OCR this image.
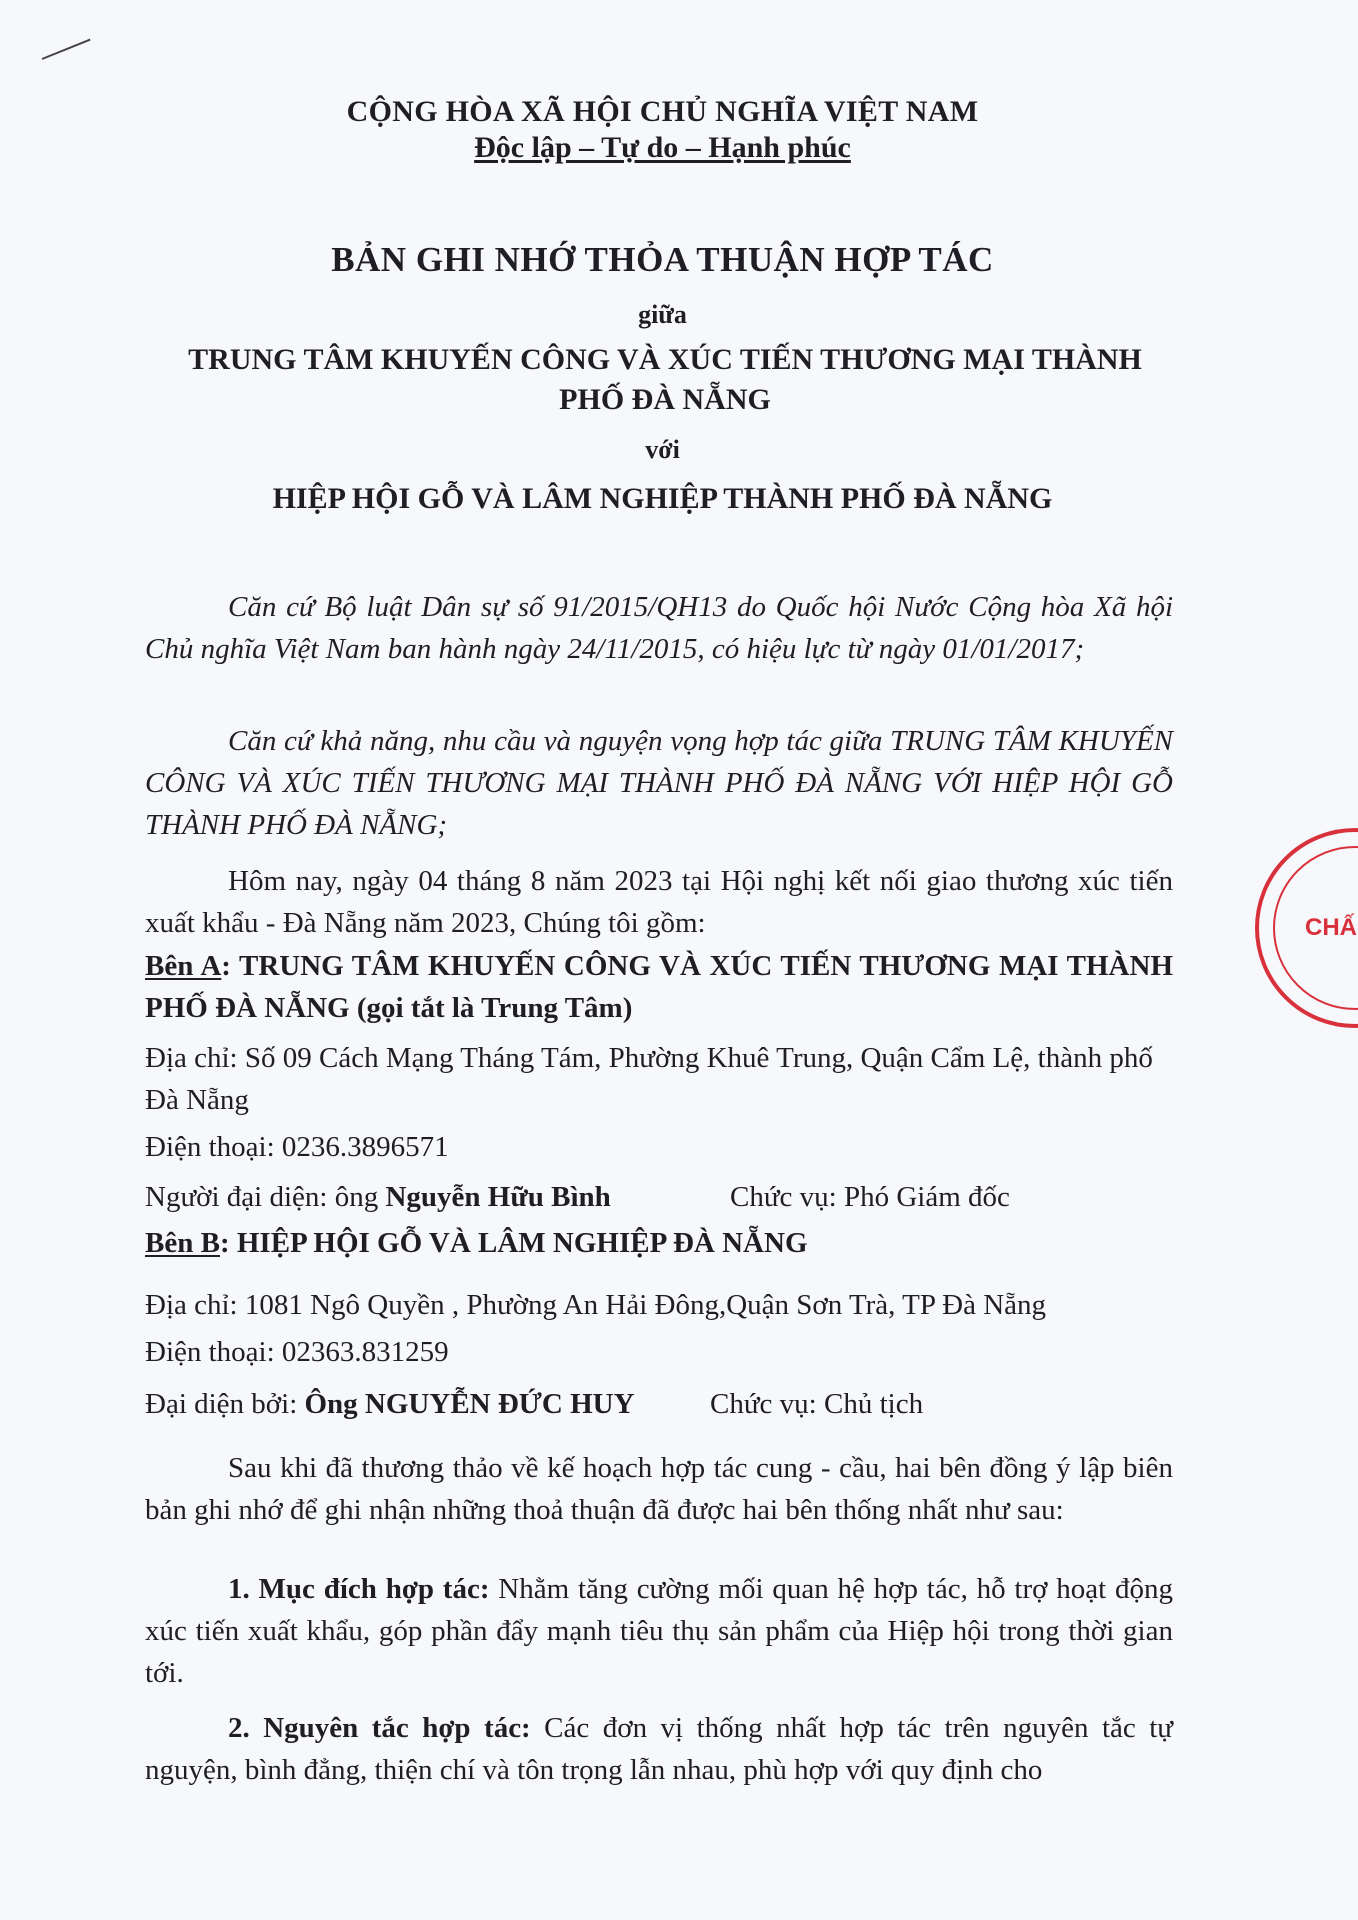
CỘNG HÒA XÃ HỘI CHỦ NGHĨA VIỆT NAM
Độc lập – Tự do – Hạnh phúc
BẢN GHI NHỚ THỎA THUẬN HỢP TÁC
giữa
TRUNG TÂM KHUYẾN CÔNG VÀ XÚC TIẾN THƯƠNG MẠI THÀNH
PHỐ ĐÀ NẴNG
với
HIỆP HỘI GỖ VÀ LÂM NGHIỆP THÀNH PHỐ ĐÀ NẴNG
Căn cứ Bộ luật Dân sự số 91/2015/QH13 do Quốc hội Nước Cộng hòa Xã hội Chủ nghĩa Việt Nam ban hành ngày 24/11/2015, có hiệu lực từ ngày 01/01/2017;
Căn cứ khả năng, nhu cầu và nguyện vọng hợp tác giữa TRUNG TÂM KHUYẾN CÔNG VÀ XÚC TIẾN THƯƠNG MẠI THÀNH PHỐ ĐÀ NẴNG VỚI HIỆP HỘI GỖ THÀNH PHỐ ĐÀ NẴNG;
Hôm nay, ngày 04 tháng 8 năm 2023 tại Hội nghị kết nối giao thương xúc tiến xuất khẩu - Đà Nẵng năm 2023, Chúng tôi gồm:
Bên A: TRUNG TÂM KHUYẾN CÔNG VÀ XÚC TIẾN THƯƠNG MẠI THÀNH PHỐ ĐÀ NẴNG (gọi tắt là Trung Tâm)
Địa chỉ: Số 09 Cách Mạng Tháng Tám, Phường Khuê Trung, Quận Cẩm Lệ, thành phố Đà Nẵng
Điện thoại: 0236.3896571
Người đại diện: ông Nguyễn Hữu Bình	Chức vụ: Phó Giám đốc
Bên B: HIỆP HỘI GỖ VÀ LÂM NGHIỆP ĐÀ NẴNG
Địa chỉ: 1081 Ngô Quyền , Phường An Hải Đông,Quận Sơn Trà, TP Đà Nẵng
Điện thoại: 02363.831259
Đại diện bởi: Ông NGUYỄN ĐỨC HUY	Chức vụ: Chủ tịch
Sau khi đã thương thảo về kế hoạch hợp tác cung - cầu, hai bên đồng ý lập biên bản ghi nhớ để ghi nhận những thoả thuận đã được hai bên thống nhất như sau:
1. Mục đích hợp tác: Nhằm tăng cường mối quan hệ hợp tác, hỗ trợ hoạt động xúc tiến xuất khẩu, góp phần đẩy mạnh tiêu thụ sản phẩm của Hiệp hội trong thời gian tới.
2. Nguyên tắc hợp tác: Các đơn vị thống nhất hợp tác trên nguyên tắc tự nguyện, bình đẳng, thiện chí và tôn trọng lẫn nhau, phù hợp với quy định cho
CHẤ
